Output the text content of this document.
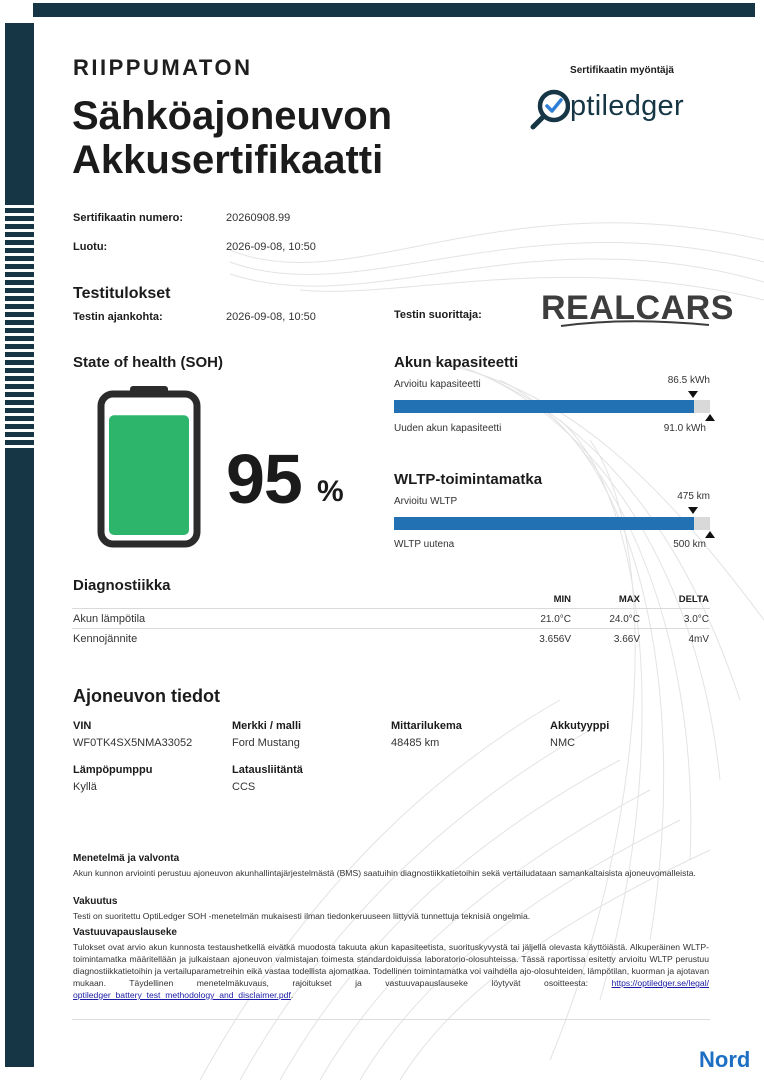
RIIPPUMATON
Sähköajoneuvon
Akkusertifikaatti
Sertifikaatin myöntäjä
ptiledger
Sertifikaatin numero:	20260908.99
Luotu:	2026-09-08, 10:50
Testitulokset
Testin ajankohta:	2026-09-08, 10:50	Testin suorittaja: REALCARS
State of health (SOH)
95 %
Akun kapasiteetti
Arvioitu kapasiteetti	86.5 kWh
Uuden akun kapasiteetti	91.0 kWh
WLTP-toimintamatka
Arvioitu WLTP	475 km
WLTP uutena	500 km
Diagnostiikka
MIN	MAX	DELTA
Akun lämpötila	21.0°C	24.0°C	3.0°C
Kennojännite	3.656V	3.66V	4mV
Ajoneuvon tiedot
VIN
WF0TK4SX5NMA33052
Merkki / malli
Ford Mustang
Mittarilukema
48485 km
Akkutyyppi
NMC
Lämpöpumppu
Kyllä
Latausliitäntä
CCS
Menetelmä ja valvonta
Akun kunnon arviointi perustuu ajoneuvon akunhallintajärjestelmästä (BMS) saatuihin diagnostiikkatietoihin sekä vertailudataan samankaltaisista ajoneuvomalleista.
Vakuutus
Testi on suoritettu OptiLedger SOH -menetelmän mukaisesti ilman tiedonkeruuseen liittyviä tunnettuja teknisiä ongelmia.
Vastuuvapauslauseke
Tulokset ovat arvio akun kunnosta testaushetkellä eivätkä muodosta takuuta akun kapasiteetista, suorituskyvystä tai jäljellä olevasta käyttöiästä. Alkuperäinen WLTP-toimintamatka määritellään ja julkaistaan ajoneuvon valmistajan toimesta standardoiduissa laboratorio-olosuhteissa. Tässä raportissa esitetty arvioitu WLTP perustuu diagnostiikkatietoihin ja vertailuparametreihin eikä vastaa todellista ajomatkaa. Todellinen toimintamatka voi vaihdella ajo-olosuhteiden, lämpötilan, kuorman ja ajotavan mukaan. Täydellinen menetelmäkuvaus, rajoitukset ja vastuuvapauslauseke löytyvät osoitteesta:	https://optiledger.se/legal/ optiledger_battery_test_methodology_and_disclaimer.pdf.
Nord
